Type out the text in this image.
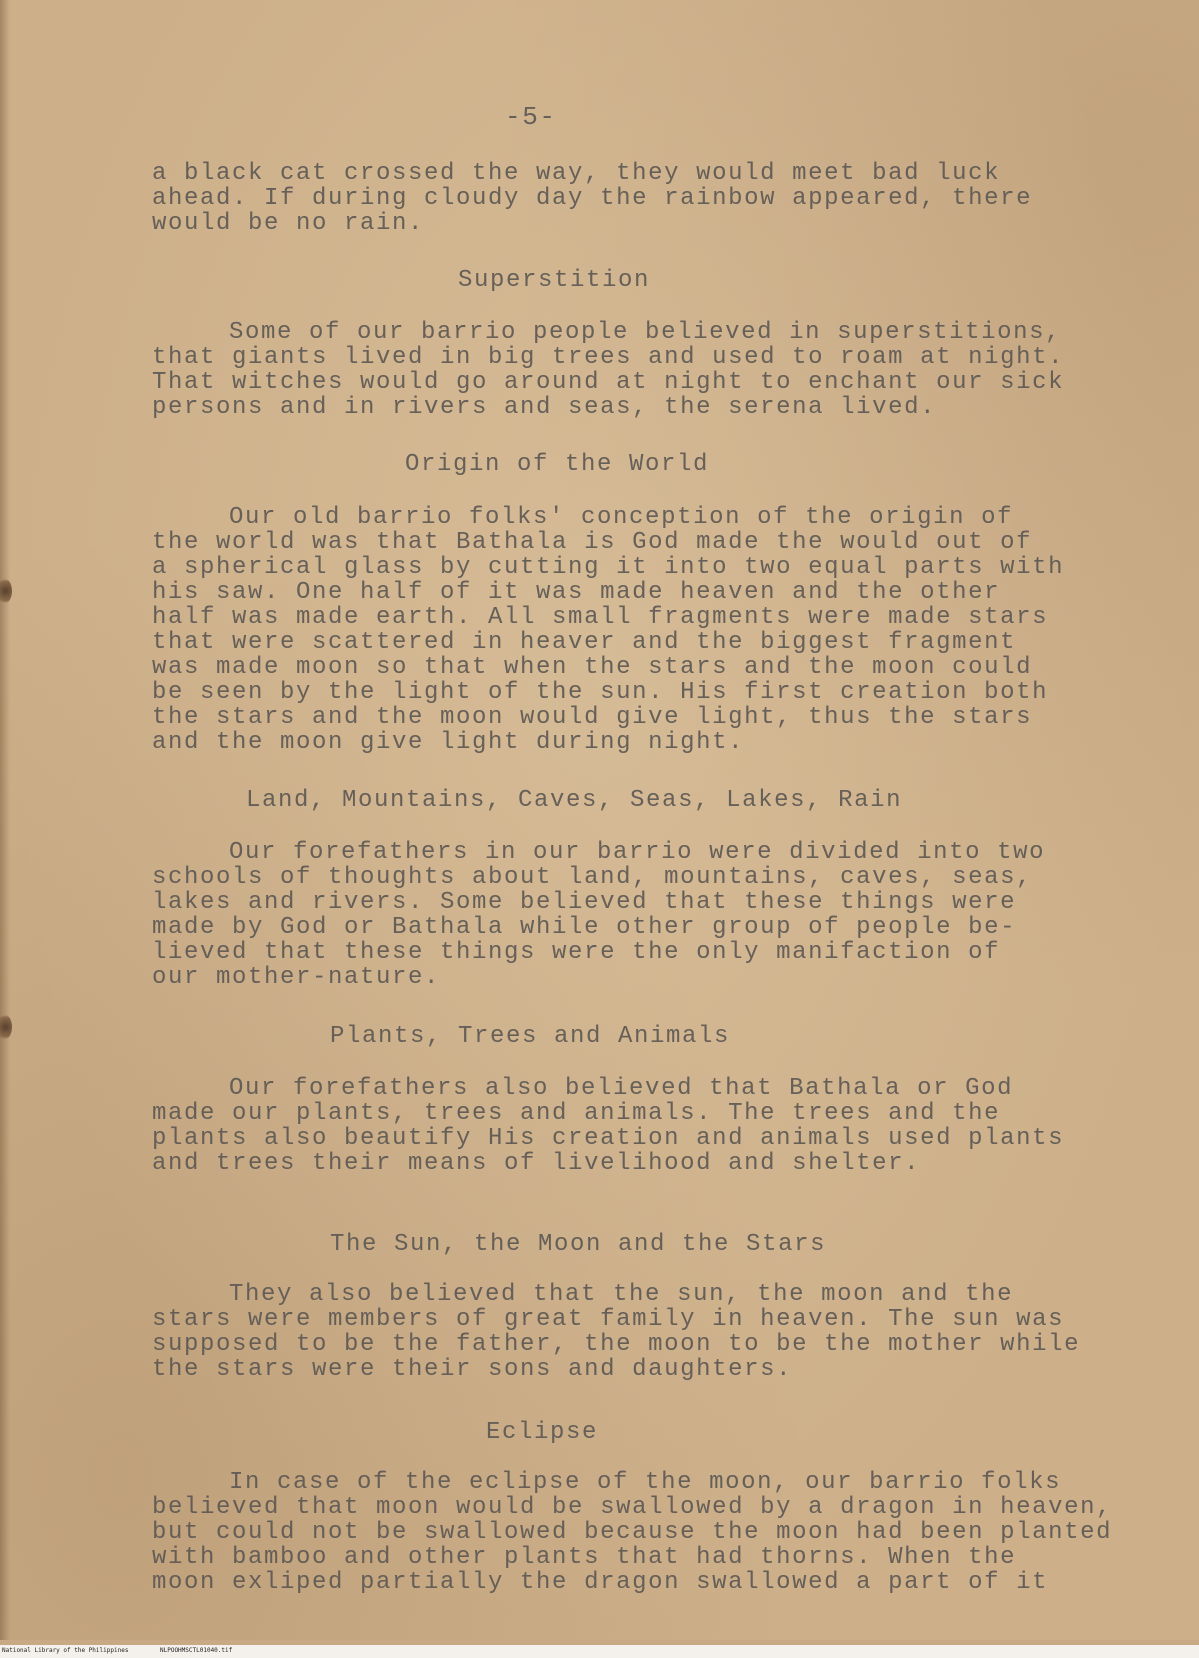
-5-
a black cat crossed the way, they would meet bad luck
ahead. If during cloudy day the rainbow appeared, there
would be no rain.
Superstition
Some of our barrio people believed in superstitions,
that giants lived in big trees and used to roam at night.
That witches would go around at night to enchant our sick
persons and in rivers and seas, the serena lived.
Origin of the World
Our old barrio folks' conception of the origin of
the world was that Bathala is God made the would out of
a spherical glass by cutting it into two equal parts with
his saw. One half of it was made heaven and the other
half was made earth. All small fragments were made stars
that were scattered in heaver and the biggest fragment
was made moon so that when the stars and the moon could
be seen by the light of the sun. His first creation both
the stars and the moon would give light, thus the stars
and the moon give light during night.
Land, Mountains, Caves, Seas, Lakes, Rain
Our forefathers in our barrio were divided into two
schools of thoughts about land, mountains, caves, seas,
lakes and rivers. Some believed that these things were
made by God or Bathala while other group of people be-
lieved that these things were the only manifaction of
our mother-nature.
Plants, Trees and Animals
Our forefathers also believed that Bathala or God
made our plants, trees and animals. The trees and the
plants also beautify His creation and animals used plants
and trees their means of livelihood and shelter.
The Sun, the Moon and the Stars
They also believed that the sun, the moon and the
stars were members of great family in heaven. The sun was
supposed to be the father, the moon to be the mother while
the stars were their sons and daughters.
Eclipse
In case of the eclipse of the moon, our barrio folks
believed that moon would be swallowed by a dragon in heaven,
but could not be swallowed because the moon had been planted
with bamboo and other plants that had thorns. When the
moon exliped partially the dragon swallowed a part of it
National Library of the Philippines	NLPOOHMSCTL01040.tif
